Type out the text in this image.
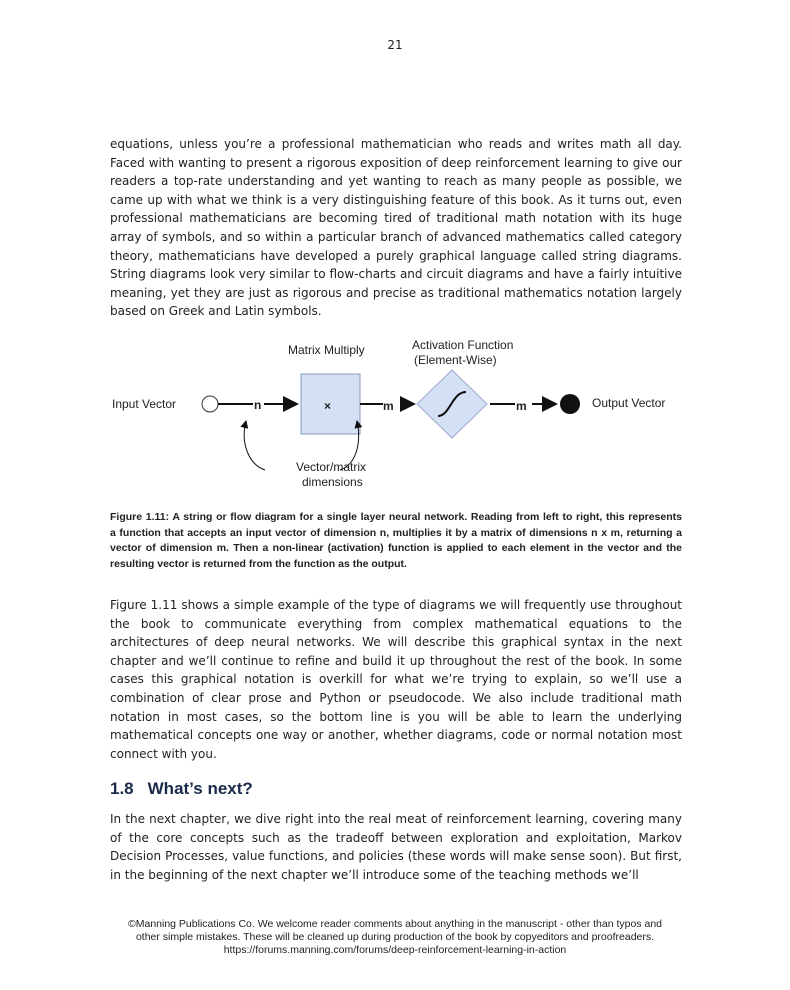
21
equations, unless you’re a professional mathematician who reads and writes math all day.
Faced with wanting to present a rigorous exposition of deep reinforcement learning to give our
readers a top-rate understanding and yet wanting to reach as many people as possible, we
came up with what we think is a very distinguishing feature of this book. As it turns out, even
professional mathematicians are becoming tired of traditional math notation with its huge
array of symbols, and so within a particular branch of advanced mathematics called category
theory, mathematicians have developed a purely graphical language called string diagrams.
String diagrams look very similar to flow-charts and circuit diagrams and have a fairly intuitive
meaning, yet they are just as rigorous and precise as traditional mathematics notation largely
based on Greek and Latin symbols.
Matrix Multiply	Activation Function
(Element-Wise)
Input Vector	Output Vector
n	×	m	m
Vector/matrix
dimensions
Figure 1.11: A string or flow diagram for a single layer neural network. Reading from left to right, this represents
a function that accepts an input vector of dimension n, multiplies it by a matrix of dimensions n x m, returning a
vector of dimension m. Then a non-linear (activation) function is applied to each element in the vector and the
resulting vector is returned from the function as the output.
Figure 1.11 shows a simple example of the type of diagrams we will frequently use throughout
the book to communicate everything from complex mathematical equations to the
architectures of deep neural networks. We will describe this graphical syntax in the next
chapter and we’ll continue to refine and build it up throughout the rest of the book. In some
cases this graphical notation is overkill for what we’re trying to explain, so we’ll use a
combination of clear prose and Python or pseudocode. We also include traditional math
notation in most cases, so the bottom line is you will be able to learn the underlying
mathematical concepts one way or another, whether diagrams, code or normal notation most
connect with you.
1.8 What’s next?
In the next chapter, we dive right into the real meat of reinforcement learning, covering many
of the core concepts such as the tradeoff between exploration and exploitation, Markov
Decision Processes, value functions, and policies (these words will make sense soon). But first,
in the beginning of the next chapter we’ll introduce some of the teaching methods we’ll
©Manning Publications Co. We welcome reader comments about anything in the manuscript - other than typos and
other simple mistakes. These will be cleaned up during production of the book by copyeditors and proofreaders.
https://forums.manning.com/forums/deep-reinforcement-learning-in-action
